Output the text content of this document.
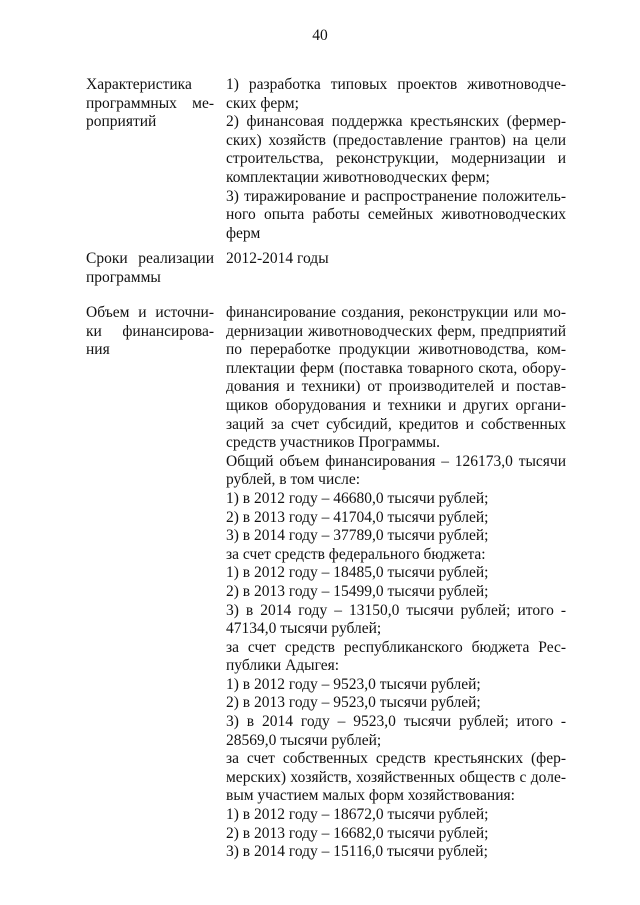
40
Характеристика
программных ме-
роприятий
1) разработка типовых проектов животноводче-
ских ферм;
2) финансовая поддержка крестьянских (фермер-
ских) хозяйств (предоставление грантов) на цели
строительства, реконструкции, модернизации и
комплектации животноводческих ферм;
3) тиражирование и распространение положитель-
ного опыта работы семейных животноводческих
ферм
Сроки реализации
программы
2012-2014 годы
Объем и источни-
ки финансирова-
ния
финансирование создания, реконструкции или мо-
дернизации животноводческих ферм, предприятий
по переработке продукции животноводства, ком-
плектации ферм (поставка товарного скота, обору-
дования и техники) от производителей и постав-
щиков оборудования и техники и других органи-
заций за счет субсидий, кредитов и собственных
средств участников Программы.
Общий объем финансирования – 126173,0 тысячи
рублей, в том числе:
1) в 2012 году – 46680,0 тысячи рублей;
2) в 2013 году – 41704,0 тысячи рублей;
3) в 2014 году – 37789,0 тысячи рублей;
за счет средств федерального бюджета:
1) в 2012 году – 18485,0 тысячи рублей;
2) в 2013 году – 15499,0 тысячи рублей;
3) в 2014 году – 13150,0 тысячи рублей; итого -
47134,0 тысячи рублей;
за счет средств республиканского бюджета Рес-
публики Адыгея:
1) в 2012 году – 9523,0 тысячи рублей;
2) в 2013 году – 9523,0 тысячи рублей;
3) в 2014 году – 9523,0 тысячи рублей; итого -
28569,0 тысячи рублей;
за счет собственных средств крестьянских (фер-
мерских) хозяйств, хозяйственных обществ с доле-
вым участием малых форм хозяйствования:
1) в 2012 году – 18672,0 тысячи рублей;
2) в 2013 году – 16682,0 тысячи рублей;
3) в 2014 году – 15116,0 тысячи рублей;
